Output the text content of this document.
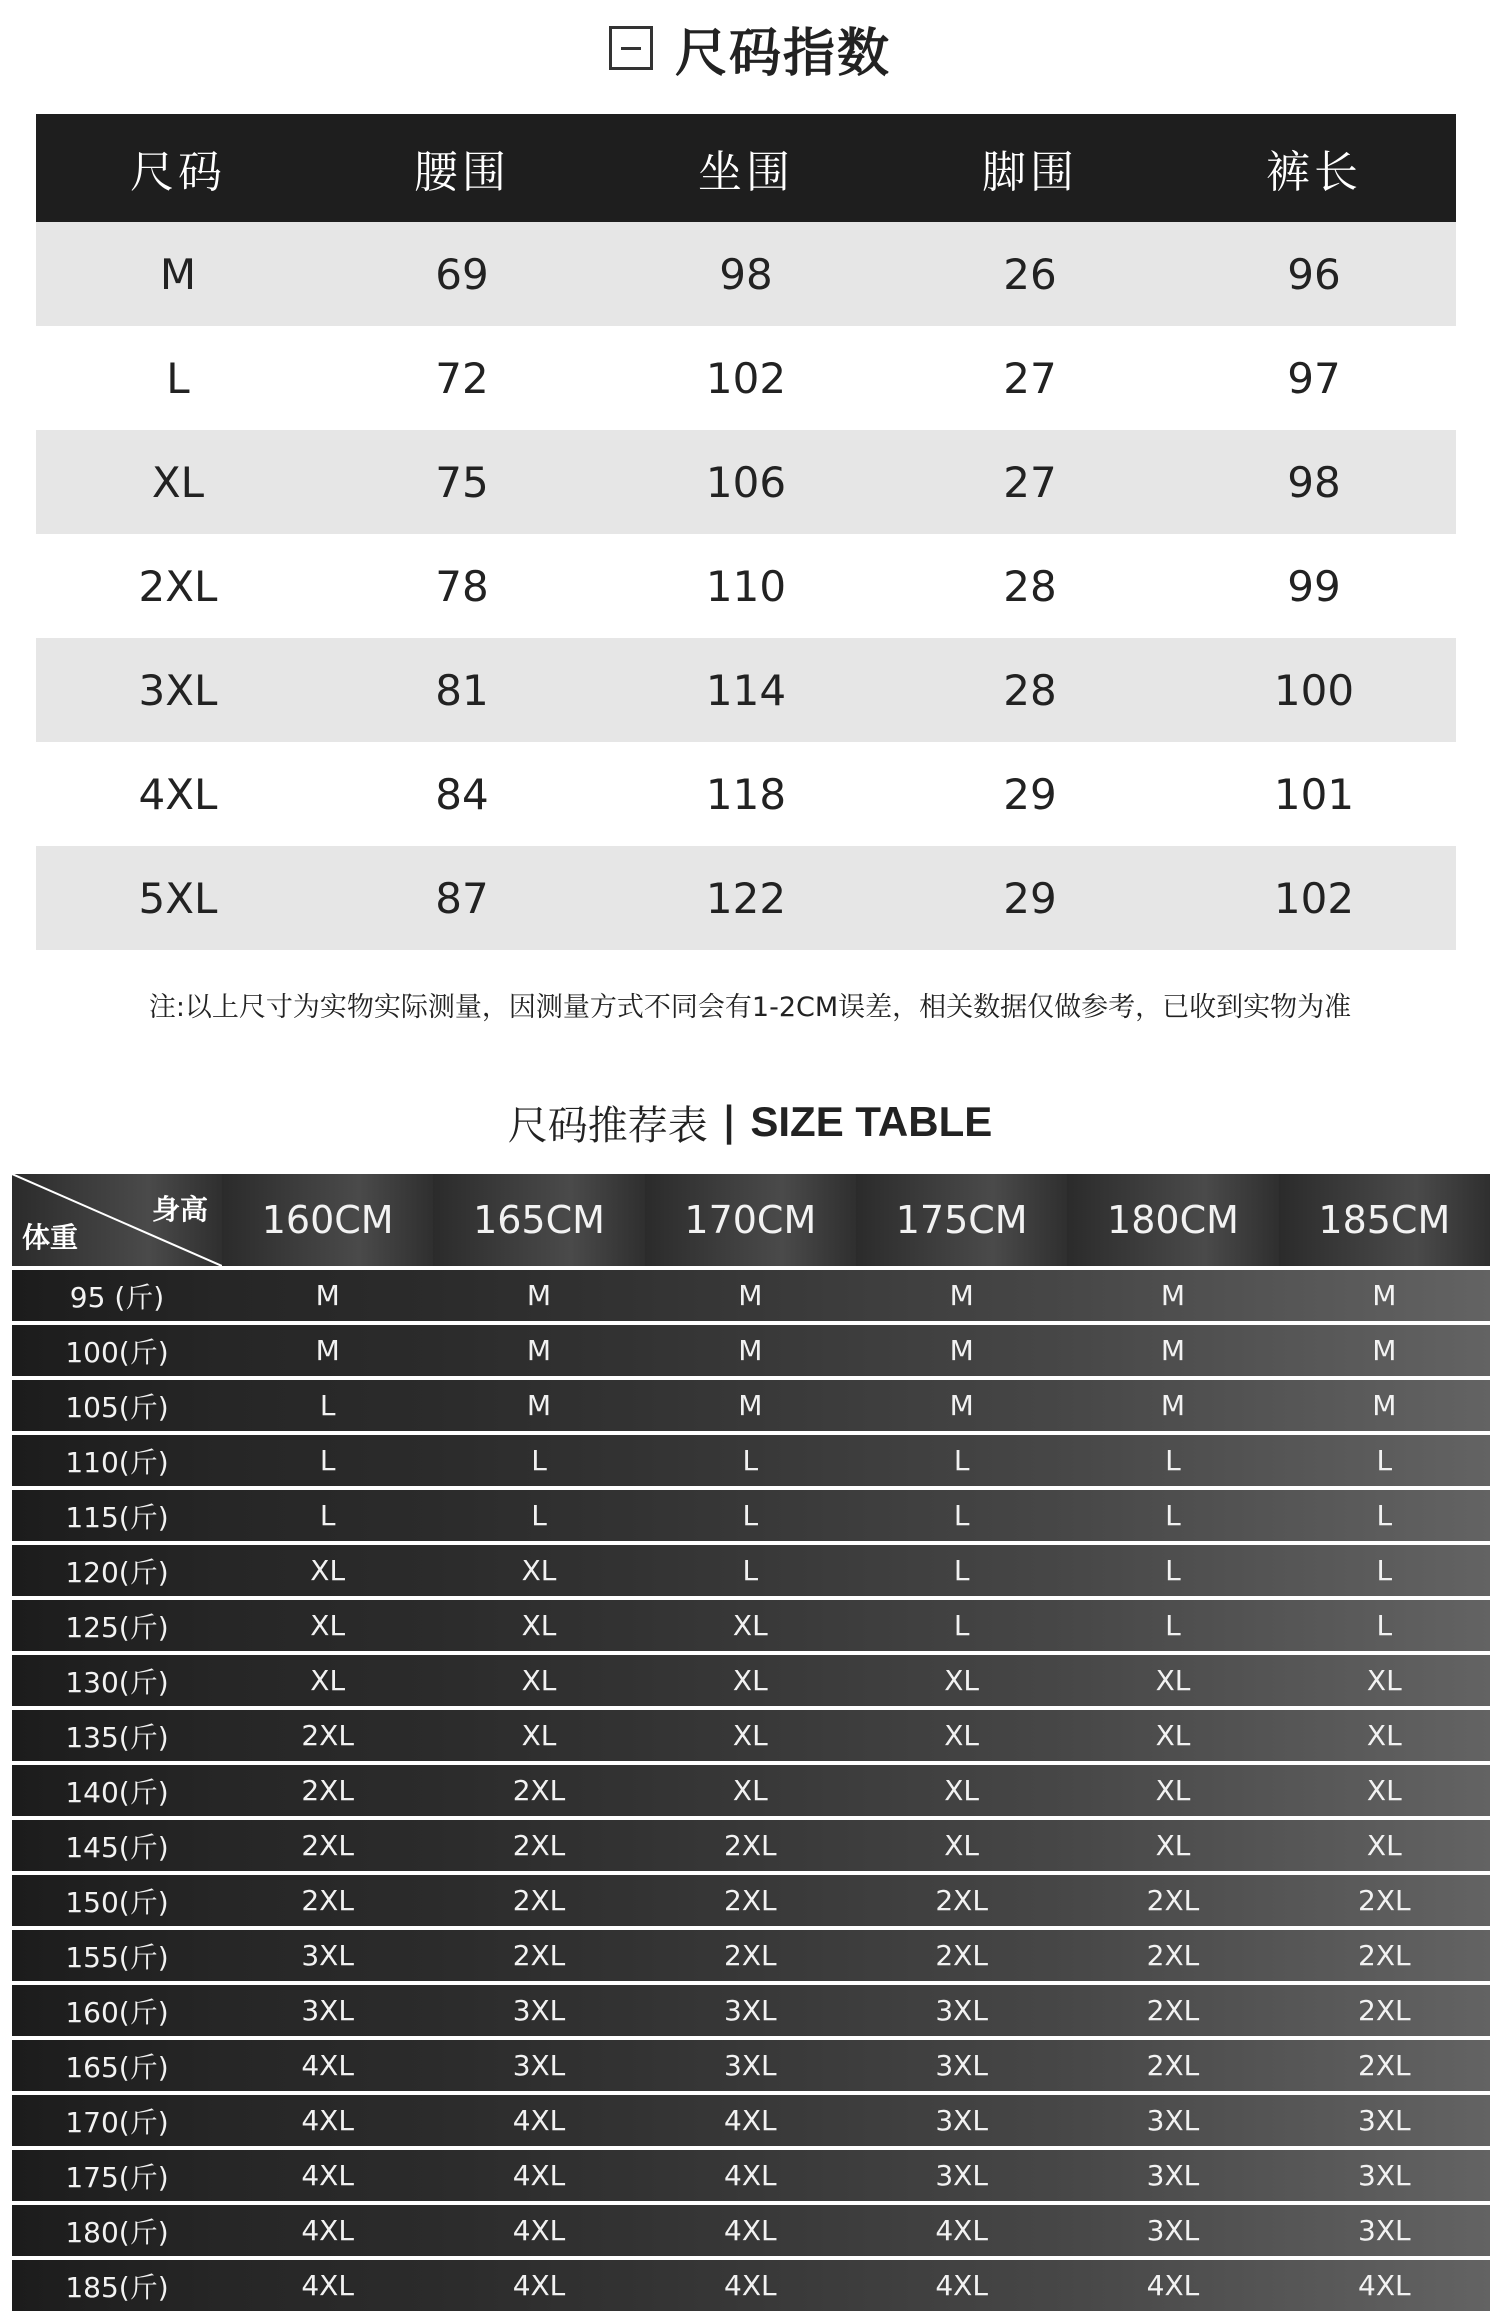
尺码指数
尺码	腰围	坐围	脚围	裤长
M	69	98	26	96
L	72	102	27	97
XL	75	106	27	98
2XL	78	110	28	99
3XL	81	114	28	100
4XL	84	118	29	101
5XL	87	122	29	102
注:以上尺寸为实物实际测量，因测量方式不同会有1-2CM误差，相关数据仅做参考，已收到实物为准
尺码推荐表 | SIZE TABLE
身高
体重	160CM	165CM	170CM	175CM	180CM	185CM
95 (斤)	M	M	M	M	M	M
100(斤)	M	M	M	M	M	M
105(斤)	L	M	M	M	M	M
110(斤)	L	L	L	L	L	L
115(斤)	L	L	L	L	L	L
120(斤)	XL	XL	L	L	L	L
125(斤)	XL	XL	XL	L	L	L
130(斤)	XL	XL	XL	XL	XL	XL
135(斤)	2XL	XL	XL	XL	XL	XL
140(斤)	2XL	2XL	XL	XL	XL	XL
145(斤)	2XL	2XL	2XL	XL	XL	XL
150(斤)	2XL	2XL	2XL	2XL	2XL	2XL
155(斤)	3XL	2XL	2XL	2XL	2XL	2XL
160(斤)	3XL	3XL	3XL	3XL	2XL	2XL
165(斤)	4XL	3XL	3XL	3XL	2XL	2XL
170(斤)	4XL	4XL	4XL	3XL	3XL	3XL
175(斤)	4XL	4XL	4XL	3XL	3XL	3XL
180(斤)	4XL	4XL	4XL	4XL	3XL	3XL
185(斤)	4XL	4XL	4XL	4XL	4XL	4XL
